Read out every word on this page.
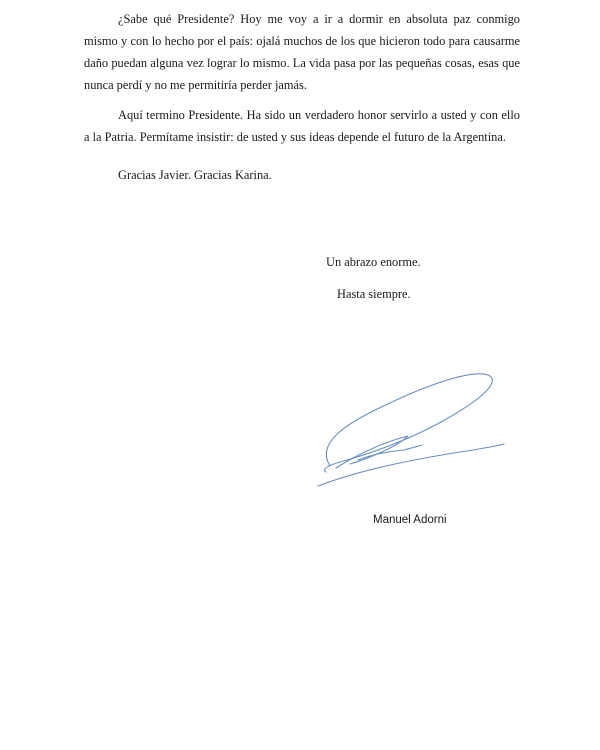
¿Sabe qué Presidente? Hoy me voy a ir a dormir en absoluta paz conmigo mismo y con lo hecho por el país: ojalá muchos de los que hicieron todo para causarme daño puedan alguna vez lograr lo mismo. La vida pasa por las pequeñas cosas, esas que nunca perdí y no me permitiría perder jamás.

Aquí termino Presidente. Ha sido un verdadero honor servirlo a usted y con ello a la Patria. Permítame insistir: de usted y sus ideas depende el futuro de la Argentina.

Gracias Javier. Gracias Karina.

Un abrazo enorme.

Hasta siempre.

Manuel Adorni
